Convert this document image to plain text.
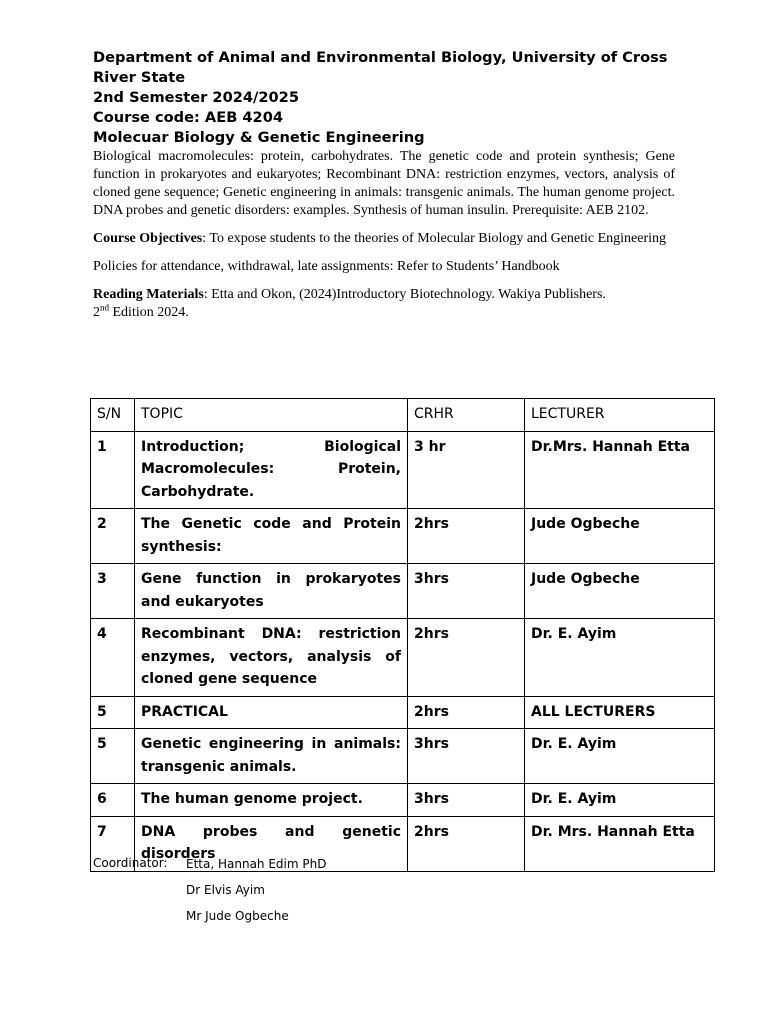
Department of Animal and Environmental Biology, University of Cross River State

2nd Semester 2024/2025

Course code: AEB 4204

Molecuar Biology & Genetic Engineering

Biological macromolecules: protein, carbohydrates. The genetic code and protein synthesis; Gene function in prokaryotes and eukaryotes; Recombinant DNA: restriction enzymes, vectors, analysis of cloned gene sequence; Genetic engineering in animals: transgenic animals. The human genome project. DNA probes and genetic disorders: examples. Synthesis of human insulin. Prerequisite: AEB 2102.

Course Objectives: To expose students to the theories of Molecular Biology and Genetic Engineering

Policies for attendance, withdrawal, late assignments: Refer to Students’ Handbook

Reading Materials: Etta and Okon, (2024)Introductory Biotechnology. Wakiya Publishers.
2nd Edition 2024.

S/N	TOPIC	CRHR	LECTURER
1	Introduction; Biological Macromolecules: Protein, Carbohydrate.	3 hr	Dr.Mrs. Hannah Etta
2	The Genetic code and Protein synthesis:	2hrs	Jude Ogbeche
3	Gene function in prokaryotes and eukaryotes	3hrs	Jude Ogbeche
4	Recombinant DNA: restriction enzymes, vectors, analysis of cloned gene sequence	2hrs	Dr. E. Ayim
5	PRACTICAL	2hrs	ALL LECTURERS
5	Genetic engineering in animals: transgenic animals.	3hrs	Dr. E. Ayim
6	The human genome project.	3hrs	Dr. E. Ayim
7	DNA probes and genetic disorders	2hrs	Dr. Mrs. Hannah Etta
Coordinator:	Etta, Hannah Edim PhD
Dr Elvis Ayim
Mr Jude Ogbeche
